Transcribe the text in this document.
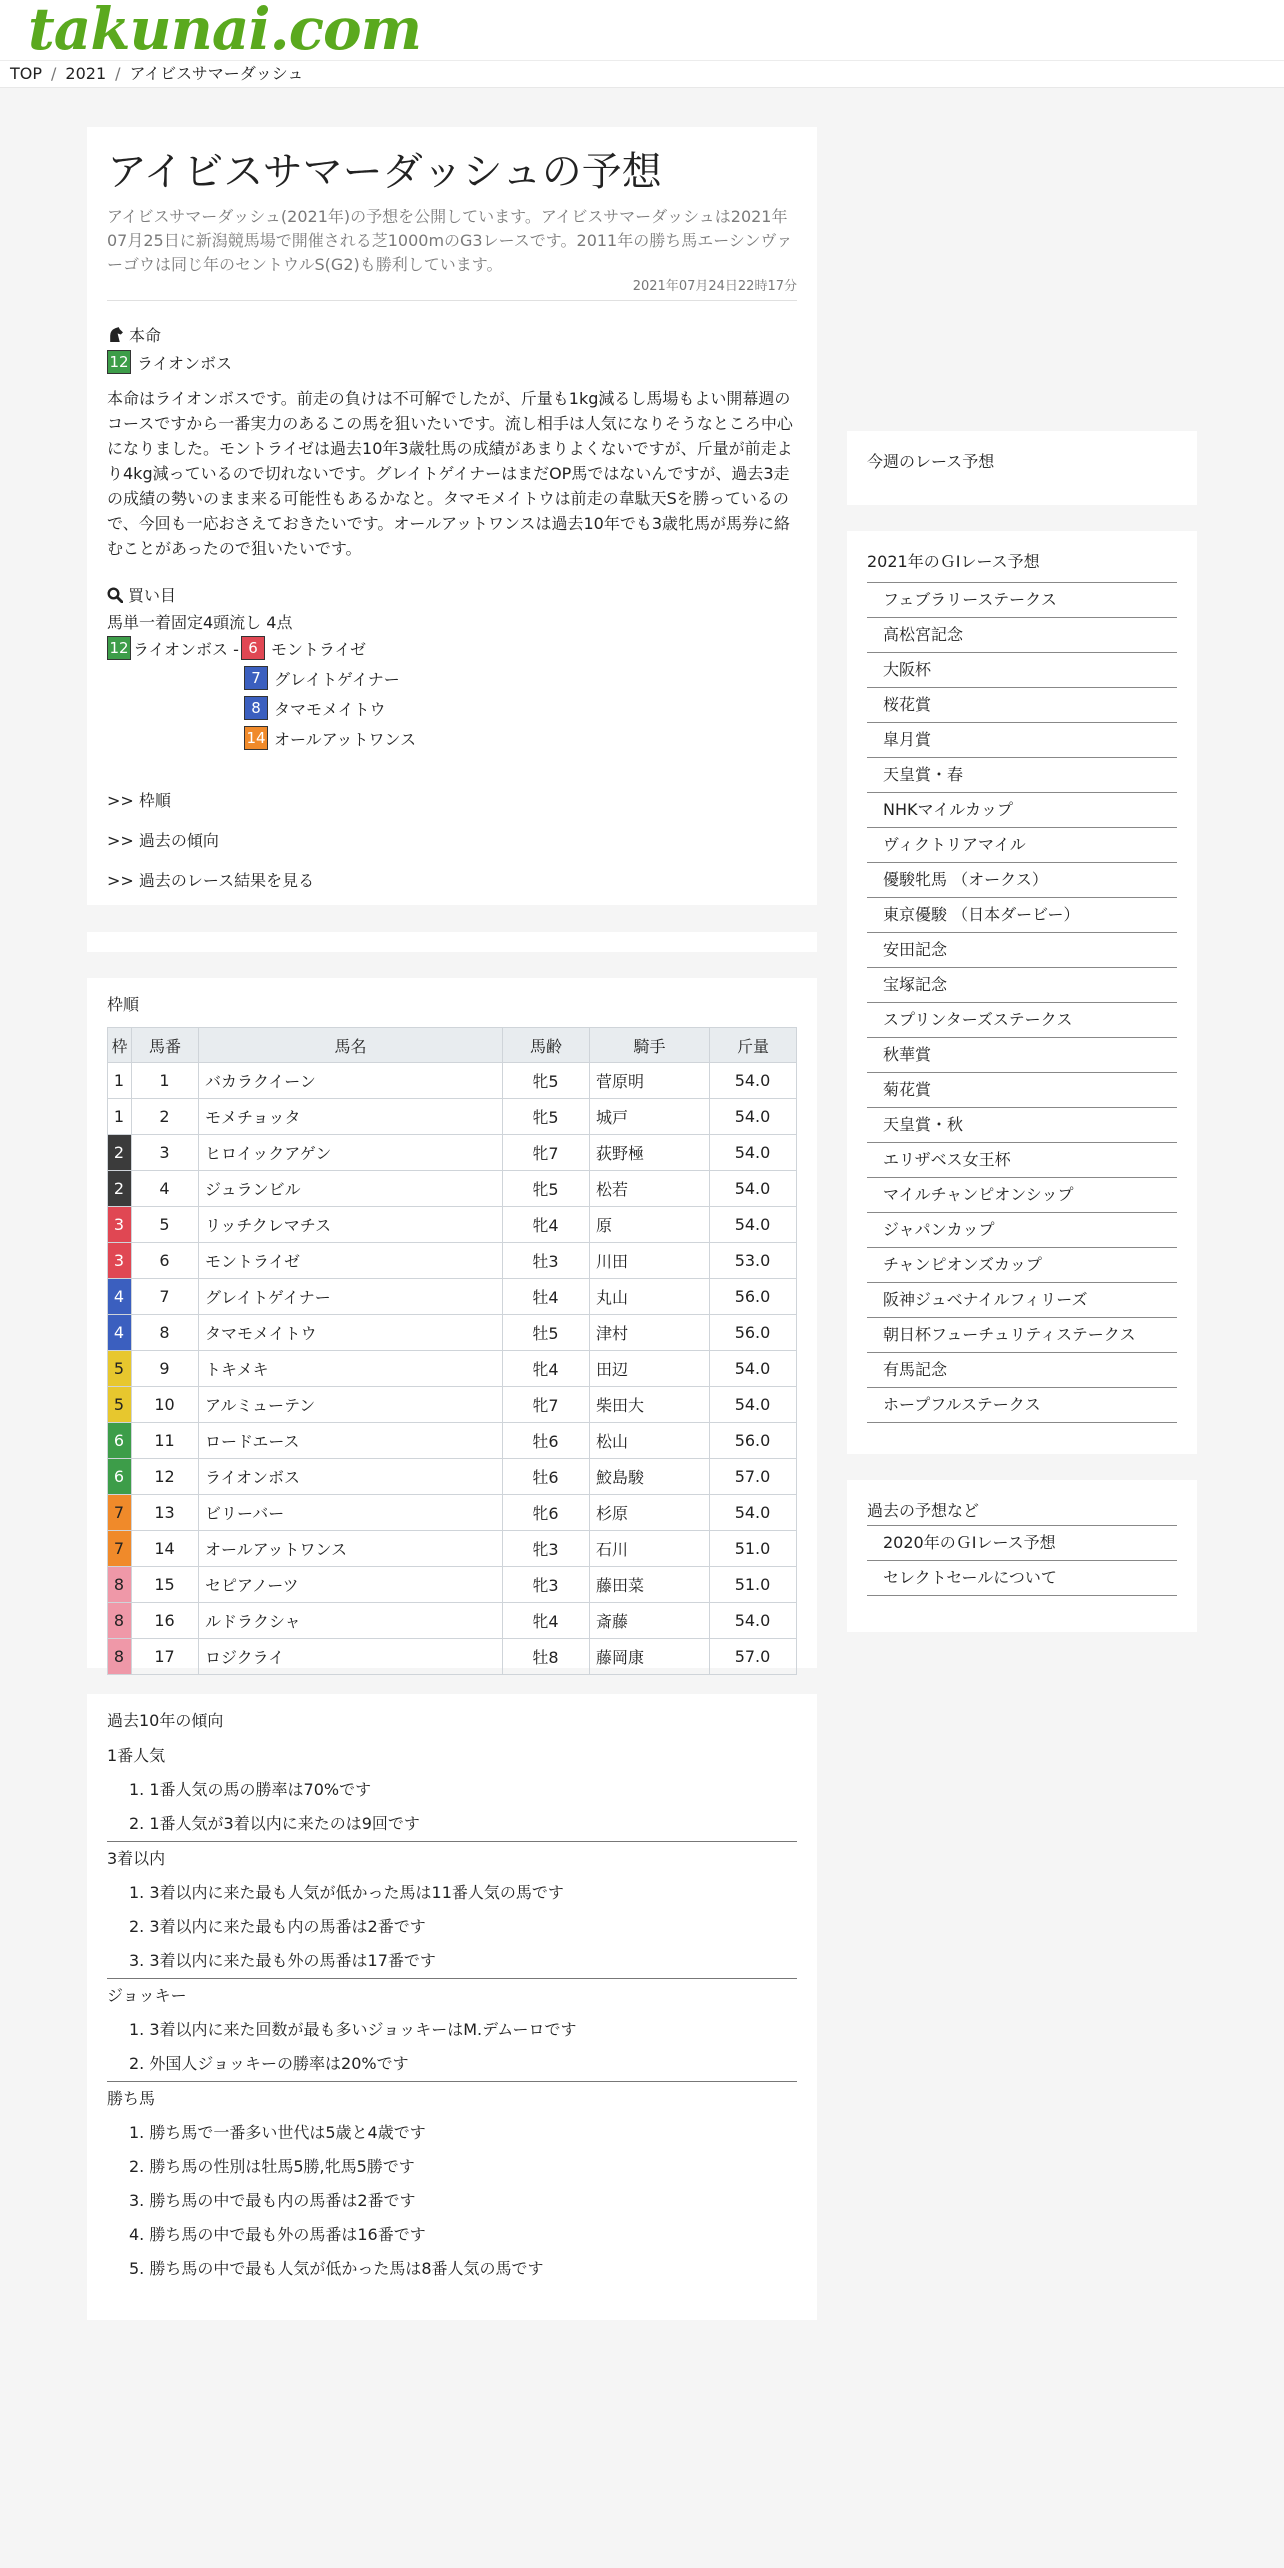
takunai.com
TOP / 2021 / アイビスサマーダッシュ
アイビスサマーダッシュの予想
アイビスサマーダッシュ(2021年)の予想を公開しています。アイビスサマーダッシュは2021年07月25日に新潟競馬場で開催される芝1000mのG3レースです。2011年の勝ち馬エーシンヴァーゴウは同じ年のセントウルS(G2)も勝利しています。
2021年07月24日22時17分
本命
12 ライオンボス
本命はライオンボスです。前走の負けは不可解でしたが、斤量も1kg減るし馬場もよい開幕週のコースですから一番実力のあるこの馬を狙いたいです。流し相手は人気になりそうなところ中心になりました。モントライゼは過去10年3歳牡馬の成績があまりよくないですが、斤量が前走より4kg減っているので切れないです。グレイトゲイナーはまだOP馬ではないんですが、過去3走の成績の勢いのまま来る可能性もあるかなと。タマモメイトウは前走の韋駄天Sを勝っているので、今回も一応おさえておきたいです。オールアットワンスは過去10年でも3歳牝馬が馬券に絡むことがあったので狙いたいです。
買い目
馬単一着固定4頭流し 4点
12 ライオンボス - 6 モントライゼ
7 グレイトゲイナー
8 タマモメイトウ
14 オールアットワンス
>> 枠順
>> 過去の傾向
>> 過去のレース結果を見る
枠順
枠	馬番	馬名	馬齢	騎手	斤量
1	1	バカラクイーン	牝5	菅原明	54.0
1	2	モメチョッタ	牝5	城戸	54.0
2	3	ヒロイックアゲン	牝7	荻野極	54.0
2	4	ジュランビル	牝5	松若	54.0
3	5	リッチクレマチス	牝4	原	54.0
3	6	モントライゼ	牡3	川田	53.0
4	7	グレイトゲイナー	牡4	丸山	56.0
4	8	タマモメイトウ	牡5	津村	56.0
5	9	トキメキ	牝4	田辺	54.0
5	10	アルミューテン	牝7	柴田大	54.0
6	11	ロードエース	牡6	松山	56.0
6	12	ライオンボス	牡6	鮫島駿	57.0
7	13	ビリーバー	牝6	杉原	54.0
7	14	オールアットワンス	牝3	石川	51.0
8	15	セピアノーツ	牝3	藤田菜	51.0
8	16	ルドラクシャ	牝4	斎藤	54.0
8	17	ロジクライ	牡8	藤岡康	57.0
過去10年の傾向
1番人気
1. 1番人気の馬の勝率は70%です
2. 1番人気が3着以内に来たのは9回です
3着以内
1. 3着以内に来た最も人気が低かった馬は11番人気の馬です
2. 3着以内に来た最も内の馬番は2番です
3. 3着以内に来た最も外の馬番は17番です
ジョッキー
1. 3着以内に来た回数が最も多いジョッキーはM.デムーロです
2. 外国人ジョッキーの勝率は20%です
勝ち馬
1. 勝ち馬で一番多い世代は5歳と4歳です
2. 勝ち馬の性別は牡馬5勝,牝馬5勝です
3. 勝ち馬の中で最も内の馬番は2番です
4. 勝ち馬の中で最も外の馬番は16番です
5. 勝ち馬の中で最も人気が低かった馬は8番人気の馬です
今週のレース予想
2021年のＧⅠレース予想
フェブラリーステークス
高松宮記念
大阪杯
桜花賞
皐月賞
天皇賞・春
NHKマイルカップ
ヴィクトリアマイル
優駿牝馬 （オークス）
東京優駿 （日本ダービー）
安田記念
宝塚記念
スプリンターズステークス
秋華賞
菊花賞
天皇賞・秋
エリザベス女王杯
マイルチャンピオンシップ
ジャパンカップ
チャンピオンズカップ
阪神ジュベナイルフィリーズ
朝日杯フューチュリティステークス
有馬記念
ホープフルステークス
過去の予想など
2020年のＧⅠレース予想
セレクトセールについて
